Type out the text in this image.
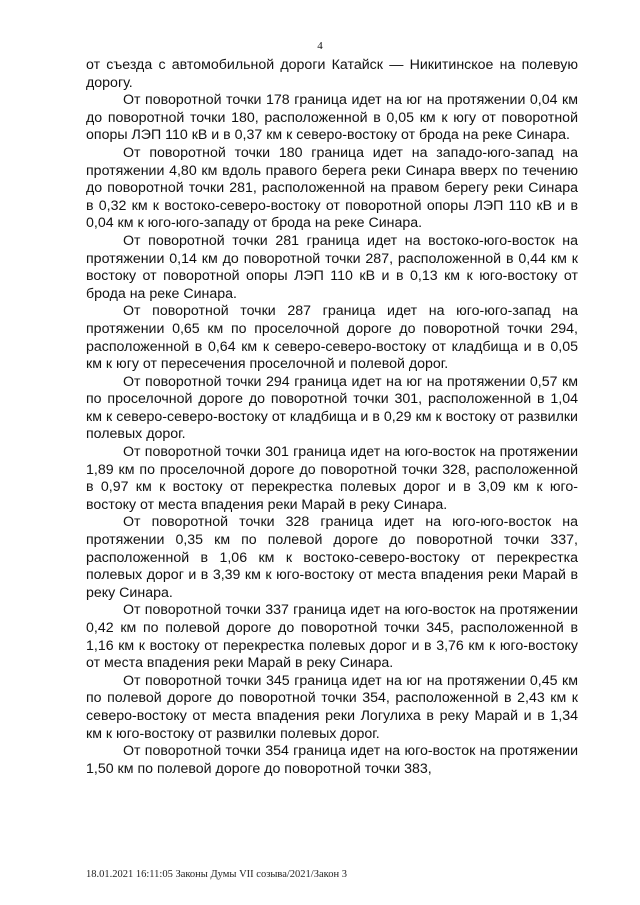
4

от съезда с автомобильной дороги Катайск — Никитинское на полевую дорогу.

От поворотной точки 178 граница идет на юг на протяжении 0,04 км до поворотной точки 180, расположенной в 0,05 км к югу от поворотной опоры ЛЭП 110 кВ и в 0,37 км к северо-востоку от брода на реке Синара.

От поворотной точки 180 граница идет на западо-юго-запад на протяжении 4,80 км вдоль правого берега реки Синара вверх по течению до поворотной точки 281, расположенной на правом берегу реки Синара в 0,32 км к востоко-северо-востоку от поворотной опоры ЛЭП 110 кВ и в 0,04 км к юго-юго-западу от брода на реке Синара.

От поворотной точки 281 граница идет на востоко-юго-восток на протяжении 0,14 км до поворотной точки 287, расположенной в 0,44 км к востоку от поворотной опоры ЛЭП 110 кВ и в 0,13 км к юго-востоку от брода на реке Синара.

От поворотной точки 287 граница идет на юго-юго-запад на протяжении 0,65 км по проселочной дороге до поворотной точки 294, расположенной в 0,64 км к северо-северо-востоку от кладбища и в 0,05 км к югу от пересечения проселочной и полевой дорог.

От поворотной точки 294 граница идет на юг на протяжении 0,57 км по проселочной дороге до поворотной точки 301, расположенной в 1,04 км к северо-северо-востоку от кладбища и в 0,29 км к востоку от развилки полевых дорог.

От поворотной точки 301 граница идет на юго-восток на протяжении 1,89 км по проселочной дороге до поворотной точки 328, расположенной в 0,97 км к востоку от перекрестка полевых дорог и в 3,09 км к юго-востоку от места впадения реки Марай в реку Синара.

От поворотной точки 328 граница идет на юго-юго-восток на протяжении 0,35 км по полевой дороге до поворотной точки 337, расположенной в 1,06 км к востоко-северо-востоку от перекрестка полевых дорог и в 3,39 км к юго-востоку от места впадения реки Марай в реку Синара.

От поворотной точки 337 граница идет на юго-восток на протяжении 0,42 км по полевой дороге до поворотной точки 345, расположенной в 1,16 км к востоку от перекрестка полевых дорог и в 3,76 км к юго-востоку от места впадения реки Марай в реку Синара.

От поворотной точки 345 граница идет на юг на протяжении 0,45 км по полевой дороге до поворотной точки 354, расположенной в 2,43 км к северо-востоку от места впадения реки Логулиха в реку Марай и в 1,34 км к юго-востоку от развилки полевых дорог.

От поворотной точки 354 граница идет на юго-восток на протяжении 1,50 км по полевой дороге до поворотной точки 383,

18.01.2021 16:11:05 Законы Думы VII созыва/2021/Закон 3
